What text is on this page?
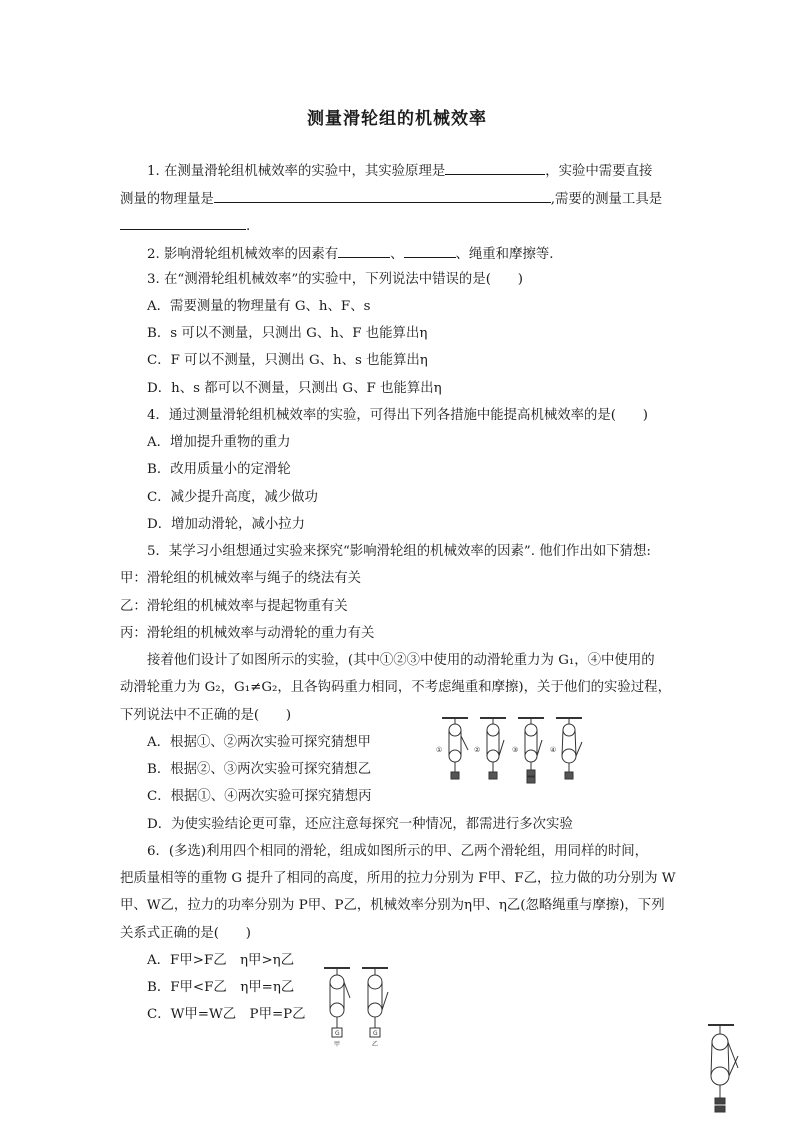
测量滑轮组的机械效率
1. 在测量滑轮组机械效率的实验中，其实验原理是	，实验中需要直接
测量的物理量是	,需要的测量工具是
.
2. 影响滑轮组机械效率的因素有	、	、绳重和摩擦等.
3. 在“测滑轮组机械效率”的实验中，下列说法中错误的是(　　)
A．需要测量的物理量有 G、h、F、s
B．s 可以不测量，只测出 G、h、F 也能算出η
C．F 可以不测量，只测出 G、h、s 也能算出η
D．h、s 都可以不测量，只测出 G、F 也能算出η
4．通过测量滑轮组机械效率的实验，可得出下列各措施中能提高机械效率的是(　　)
A．增加提升重物的重力
B．改用质量小的定滑轮
C．减少提升高度，减少做功
D．增加动滑轮，减小拉力
5．某学习小组想通过实验来探究“影响滑轮组的机械效率的因素”. 他们作出如下猜想:
甲：滑轮组的机械效率与绳子的绕法有关
乙：滑轮组的机械效率与提起物重有关
丙：滑轮组的机械效率与动滑轮的重力有关
接着他们设计了如图所示的实验，(其中①②③中使用的动滑轮重力为 G₁，④中使用的
动滑轮重力为 G₂，G₁≠G₂，且各钩码重力相同，不考虑绳重和摩擦)，关于他们的实验过程，
下列说法中不正确的是(　　)
A．根据①、②两次实验可探究猜想甲
B．根据②、③两次实验可探究猜想乙
C．根据①、④两次实验可探究猜想丙
D．为使实验结论更可靠，还应注意每探究一种情况，都需进行多次实验
①	②	③	④
6．(多选)利用四个相同的滑轮，组成如图所示的甲、乙两个滑轮组，用同样的时间，
把质量相等的重物 G 提升了相同的高度，所用的拉力分别为 F甲、F乙，拉力做的功分别为 W
甲、W乙，拉力的功率分别为 P甲、P乙，机械效率分别为η甲、η乙(忽略绳重与摩擦)，下列
关系式正确的是(　　)
A．F甲>F乙　η甲>η乙
B．F甲<F乙　η甲=η乙
C．W甲=W乙　P甲=P乙
G	G
甲	乙
